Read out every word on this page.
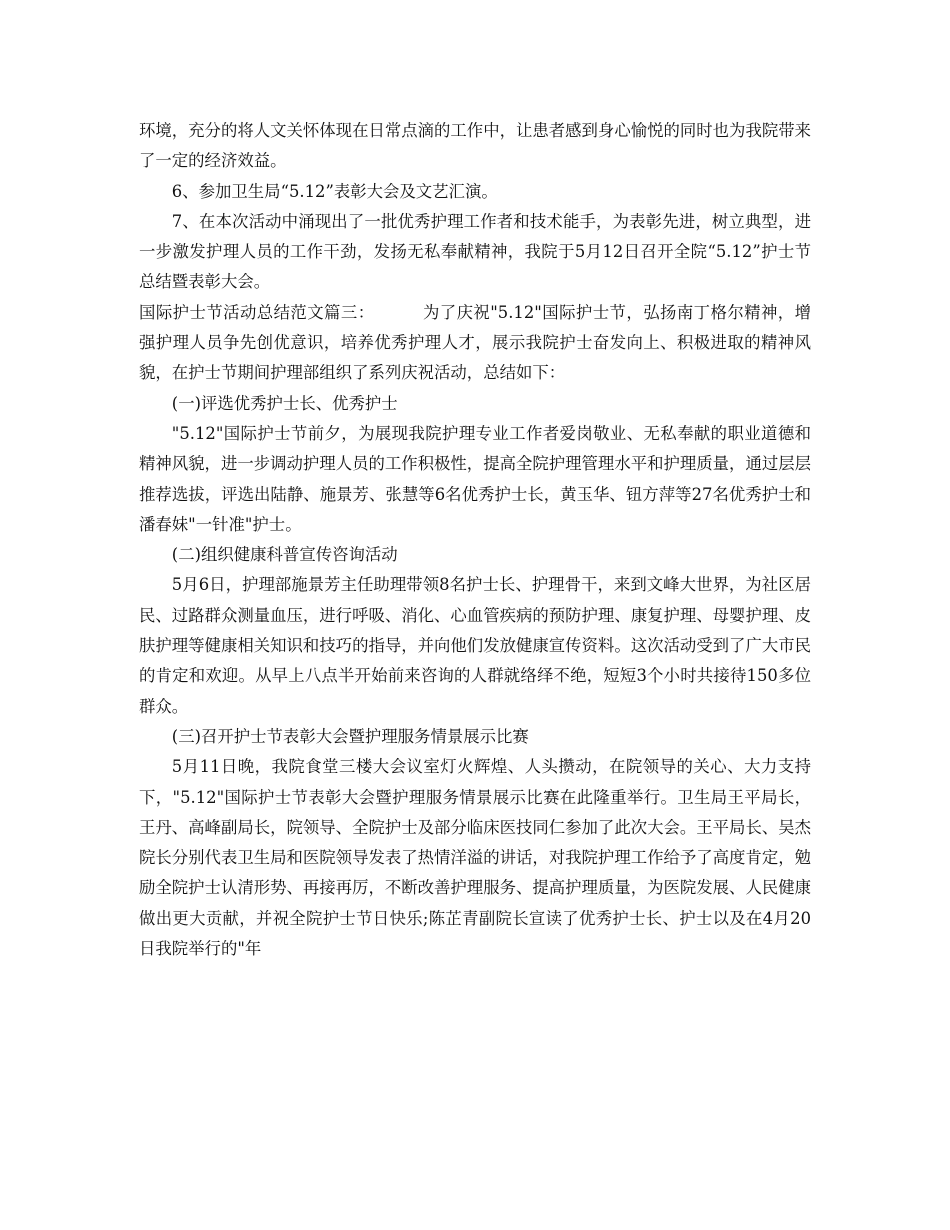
环境，充分的将人文关怀体现在日常点滴的工作中，让患者感到身心愉悦的同时也为我院带来了一定的经济效益。

6、参加卫生局“5.12”表彰大会及文艺汇演。

7、在本次活动中涌现出了一批优秀护理工作者和技术能手，为表彰先进，树立典型，进一步激发护理人员的工作干劲，发扬无私奉献精神，我院于5月12日召开全院“5.12”护士节总结暨表彰大会。

国际护士节活动总结范文篇三：	为了庆祝"5.12"国际护士节，弘扬南丁格尔精神，增强护理人员争先创优意识，培养优秀护理人才，展示我院护士奋发向上、积极进取的精神风貌，在护士节期间护理部组织了系列庆祝活动，总结如下：

(一)评选优秀护士长、优秀护士

"5.12"国际护士节前夕，为展现我院护理专业工作者爱岗敬业、无私奉献的职业道德和精神风貌，进一步调动护理人员的工作积极性，提高全院护理管理水平和护理质量，通过层层推荐选拔，评选出陆静、施景芳、张慧等6名优秀护士长，黄玉华、钮方萍等27名优秀护士和潘春妹"一针准"护士。

(二)组织健康科普宣传咨询活动

5月6日，护理部施景芳主任助理带领8名护士长、护理骨干，来到文峰大世界，为社区居民、过路群众测量血压，进行呼吸、消化、心血管疾病的预防护理、康复护理、母婴护理、皮肤护理等健康相关知识和技巧的指导，并向他们发放健康宣传资料。这次活动受到了广大市民的肯定和欢迎。从早上八点半开始前来咨询的人群就络绎不绝，短短3个小时共接待150多位群众。

(三)召开护士节表彰大会暨护理服务情景展示比赛

5月11日晚，我院食堂三楼大会议室灯火辉煌、人头攒动，在院领导的关心、大力支持下，"5.12"国际护士节表彰大会暨护理服务情景展示比赛在此隆重举行。卫生局王平局长，王丹、高峰副局长，院领导、全院护士及部分临床医技同仁参加了此次大会。王平局长、吴杰院长分别代表卫生局和医院领导发表了热情洋溢的讲话，对我院护理工作给予了高度肯定，勉励全院护士认清形势、再接再厉，不断改善护理服务、提高护理质量，为医院发展、人民健康做出更大贡献，并祝全院护士节日快乐;陈芷青副院长宣读了优秀护士长、护士以及在4月20日我院举行的"年
